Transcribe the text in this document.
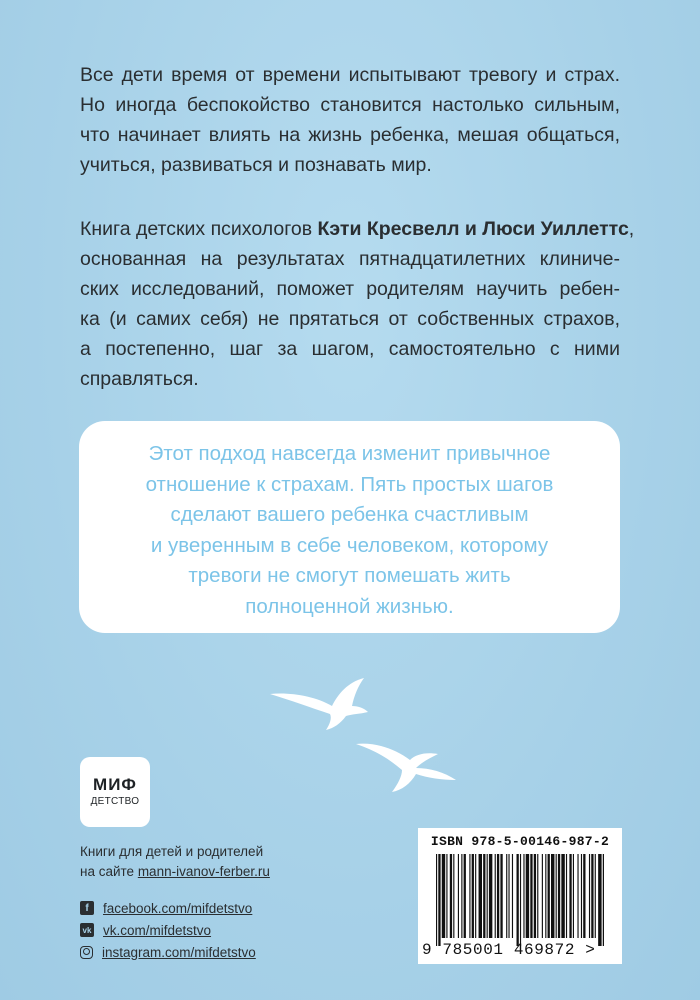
Все дети время от времени испытывают тревогу и страх.
Но иногда беспокойство становится настолько сильным,
что начинает влиять на жизнь ребенка, мешая общаться,
учиться, развиваться и познавать мир.
Книга детских психологов Кэти Кресвелл и Люси Уиллеттс,
основанная на результатах пятнадцатилетних клиниче-
ских исследований, поможет родителям научить ребен-
ка (и самих себя) не прятаться от собственных страхов,
а постепенно, шаг за шагом, самостоятельно с ними
справляться.
Этот подход навсегда изменит привычное
отношение к страхам. Пять простых шагов
сделают вашего ребенка счастливым
и уверенным в себе человеком, которому
тревоги не смогут помешать жить
полноценной жизнью.
МИФ
ДЕТСТВО
Книги для детей и родителей
на сайте mann-ivanov-ferber.ru
f	facebook.com/mifdetstvo
vk vk.com/mifdetstvo
instagram.com/mifdetstvo
ISBN 978-5-00146-987-2
9 785001 469872 >
